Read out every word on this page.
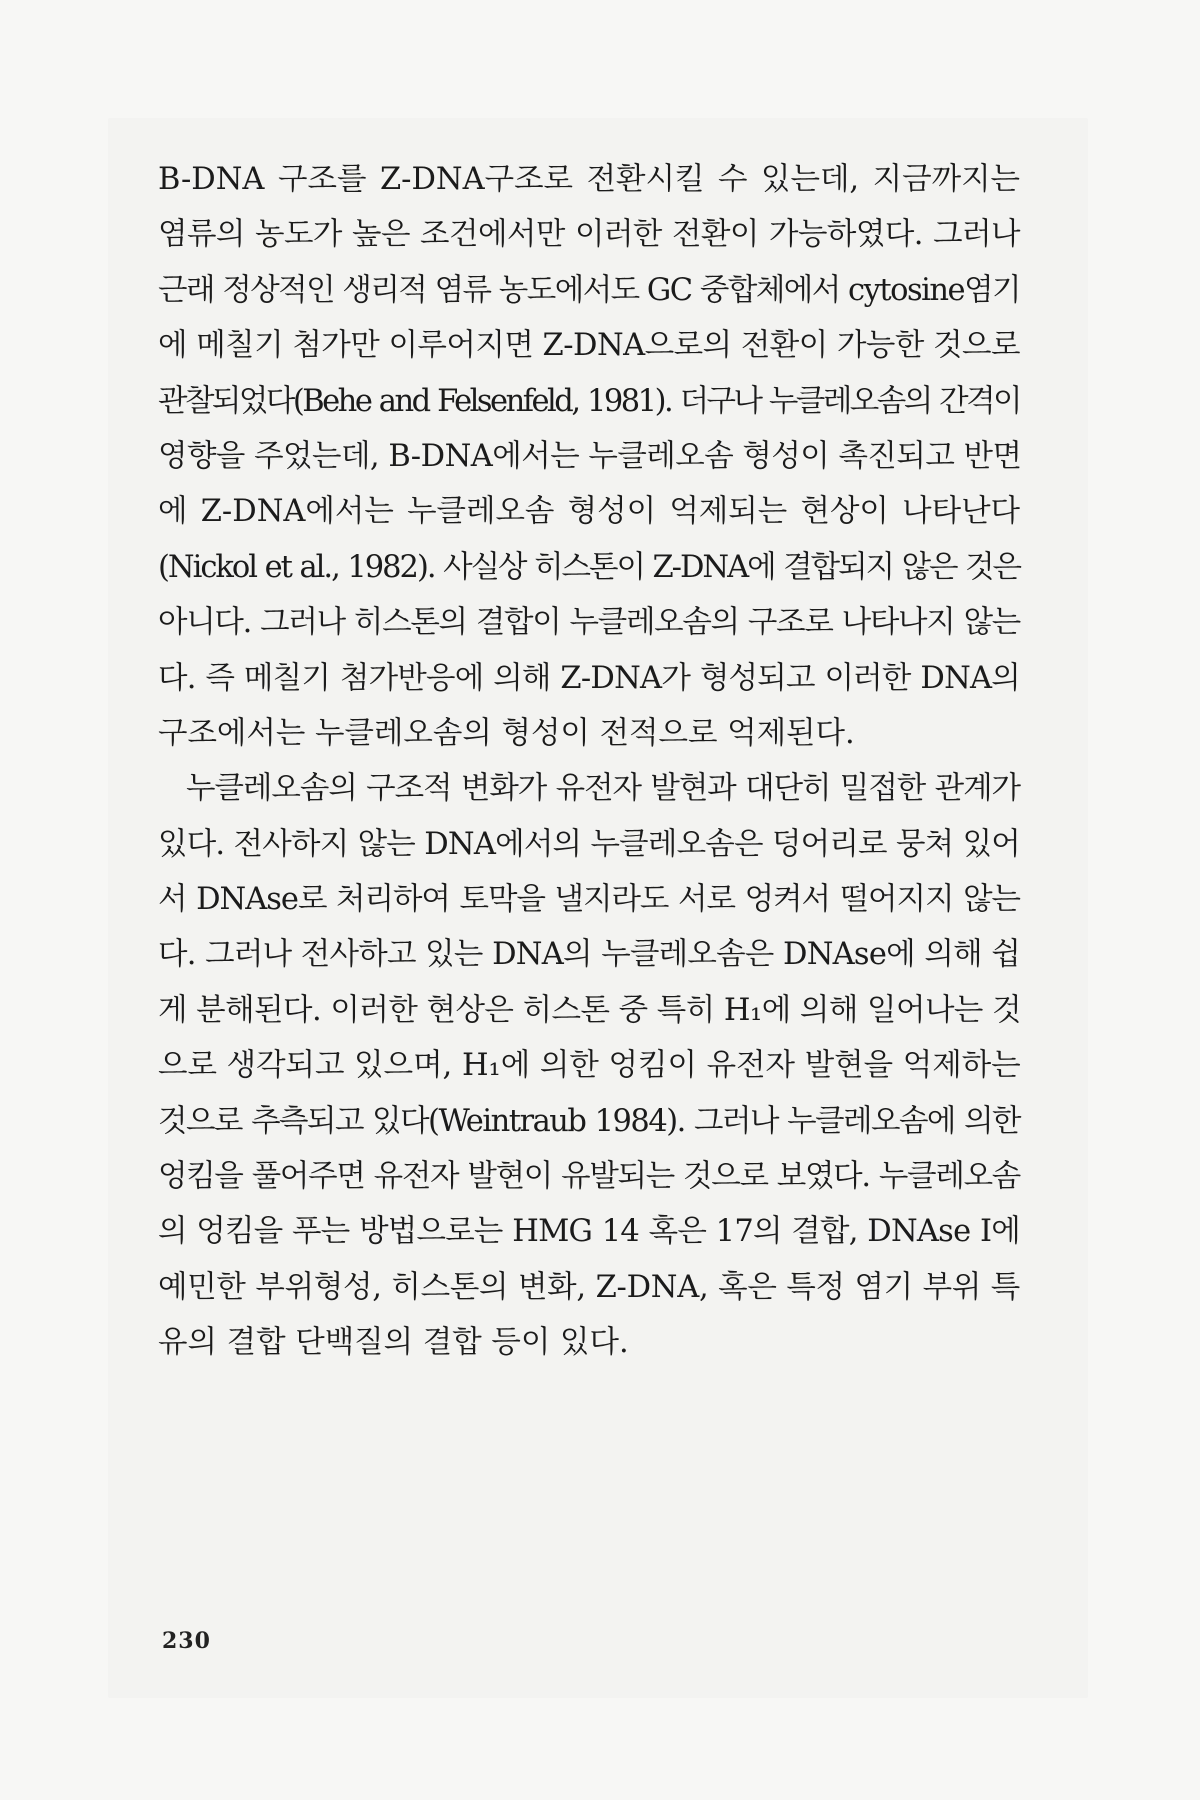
B-DNA 구조를 Z-DNA구조로 전환시킬 수 있는데, 지금까지는
염류의 농도가 높은 조건에서만 이러한 전환이 가능하였다. 그러나
근래 정상적인 생리적 염류 농도에서도 GC 중합체에서 cytosine염기
에 메칠기 첨가만 이루어지면 Z-DNA으로의 전환이 가능한 것으로
관찰되었다(Behe and Felsenfeld, 1981). 더구나 누클레오솜의 간격이
영향을 주었는데, B-DNA에서는 누클레오솜 형성이 촉진되고 반면
에 Z-DNA에서는 누클레오솜 형성이 억제되는 현상이 나타난다
(Nickol et al., 1982). 사실상 히스톤이 Z-DNA에 결합되지 않은 것은
아니다. 그러나 히스톤의 결합이 누클레오솜의 구조로 나타나지 않는
다. 즉 메칠기 첨가반응에 의해 Z-DNA가 형성되고 이러한 DNA의
구조에서는 누클레오솜의 형성이 전적으로 억제된다.
누클레오솜의 구조적 변화가 유전자 발현과 대단히 밀접한 관계가
있다. 전사하지 않는 DNA에서의 누클레오솜은 덩어리로 뭉쳐 있어
서 DNAse로 처리하여 토막을 낼지라도 서로 엉켜서 떨어지지 않는
다. 그러나 전사하고 있는 DNA의 누클레오솜은 DNAse에 의해 쉽
게 분해된다. 이러한 현상은 히스톤 중 특히 H₁에 의해 일어나는 것
으로 생각되고 있으며, H₁에 의한 엉킴이 유전자 발현을 억제하는
것으로 추측되고 있다(Weintraub 1984). 그러나 누클레오솜에 의한
엉킴을 풀어주면 유전자 발현이 유발되는 것으로 보였다. 누클레오솜
의 엉킴을 푸는 방법으로는 HMG 14 혹은 17의 결합, DNAse I에
예민한 부위형성, 히스톤의 변화, Z-DNA, 혹은 특정 염기 부위 특
유의 결합 단백질의 결합 등이 있다.
230
